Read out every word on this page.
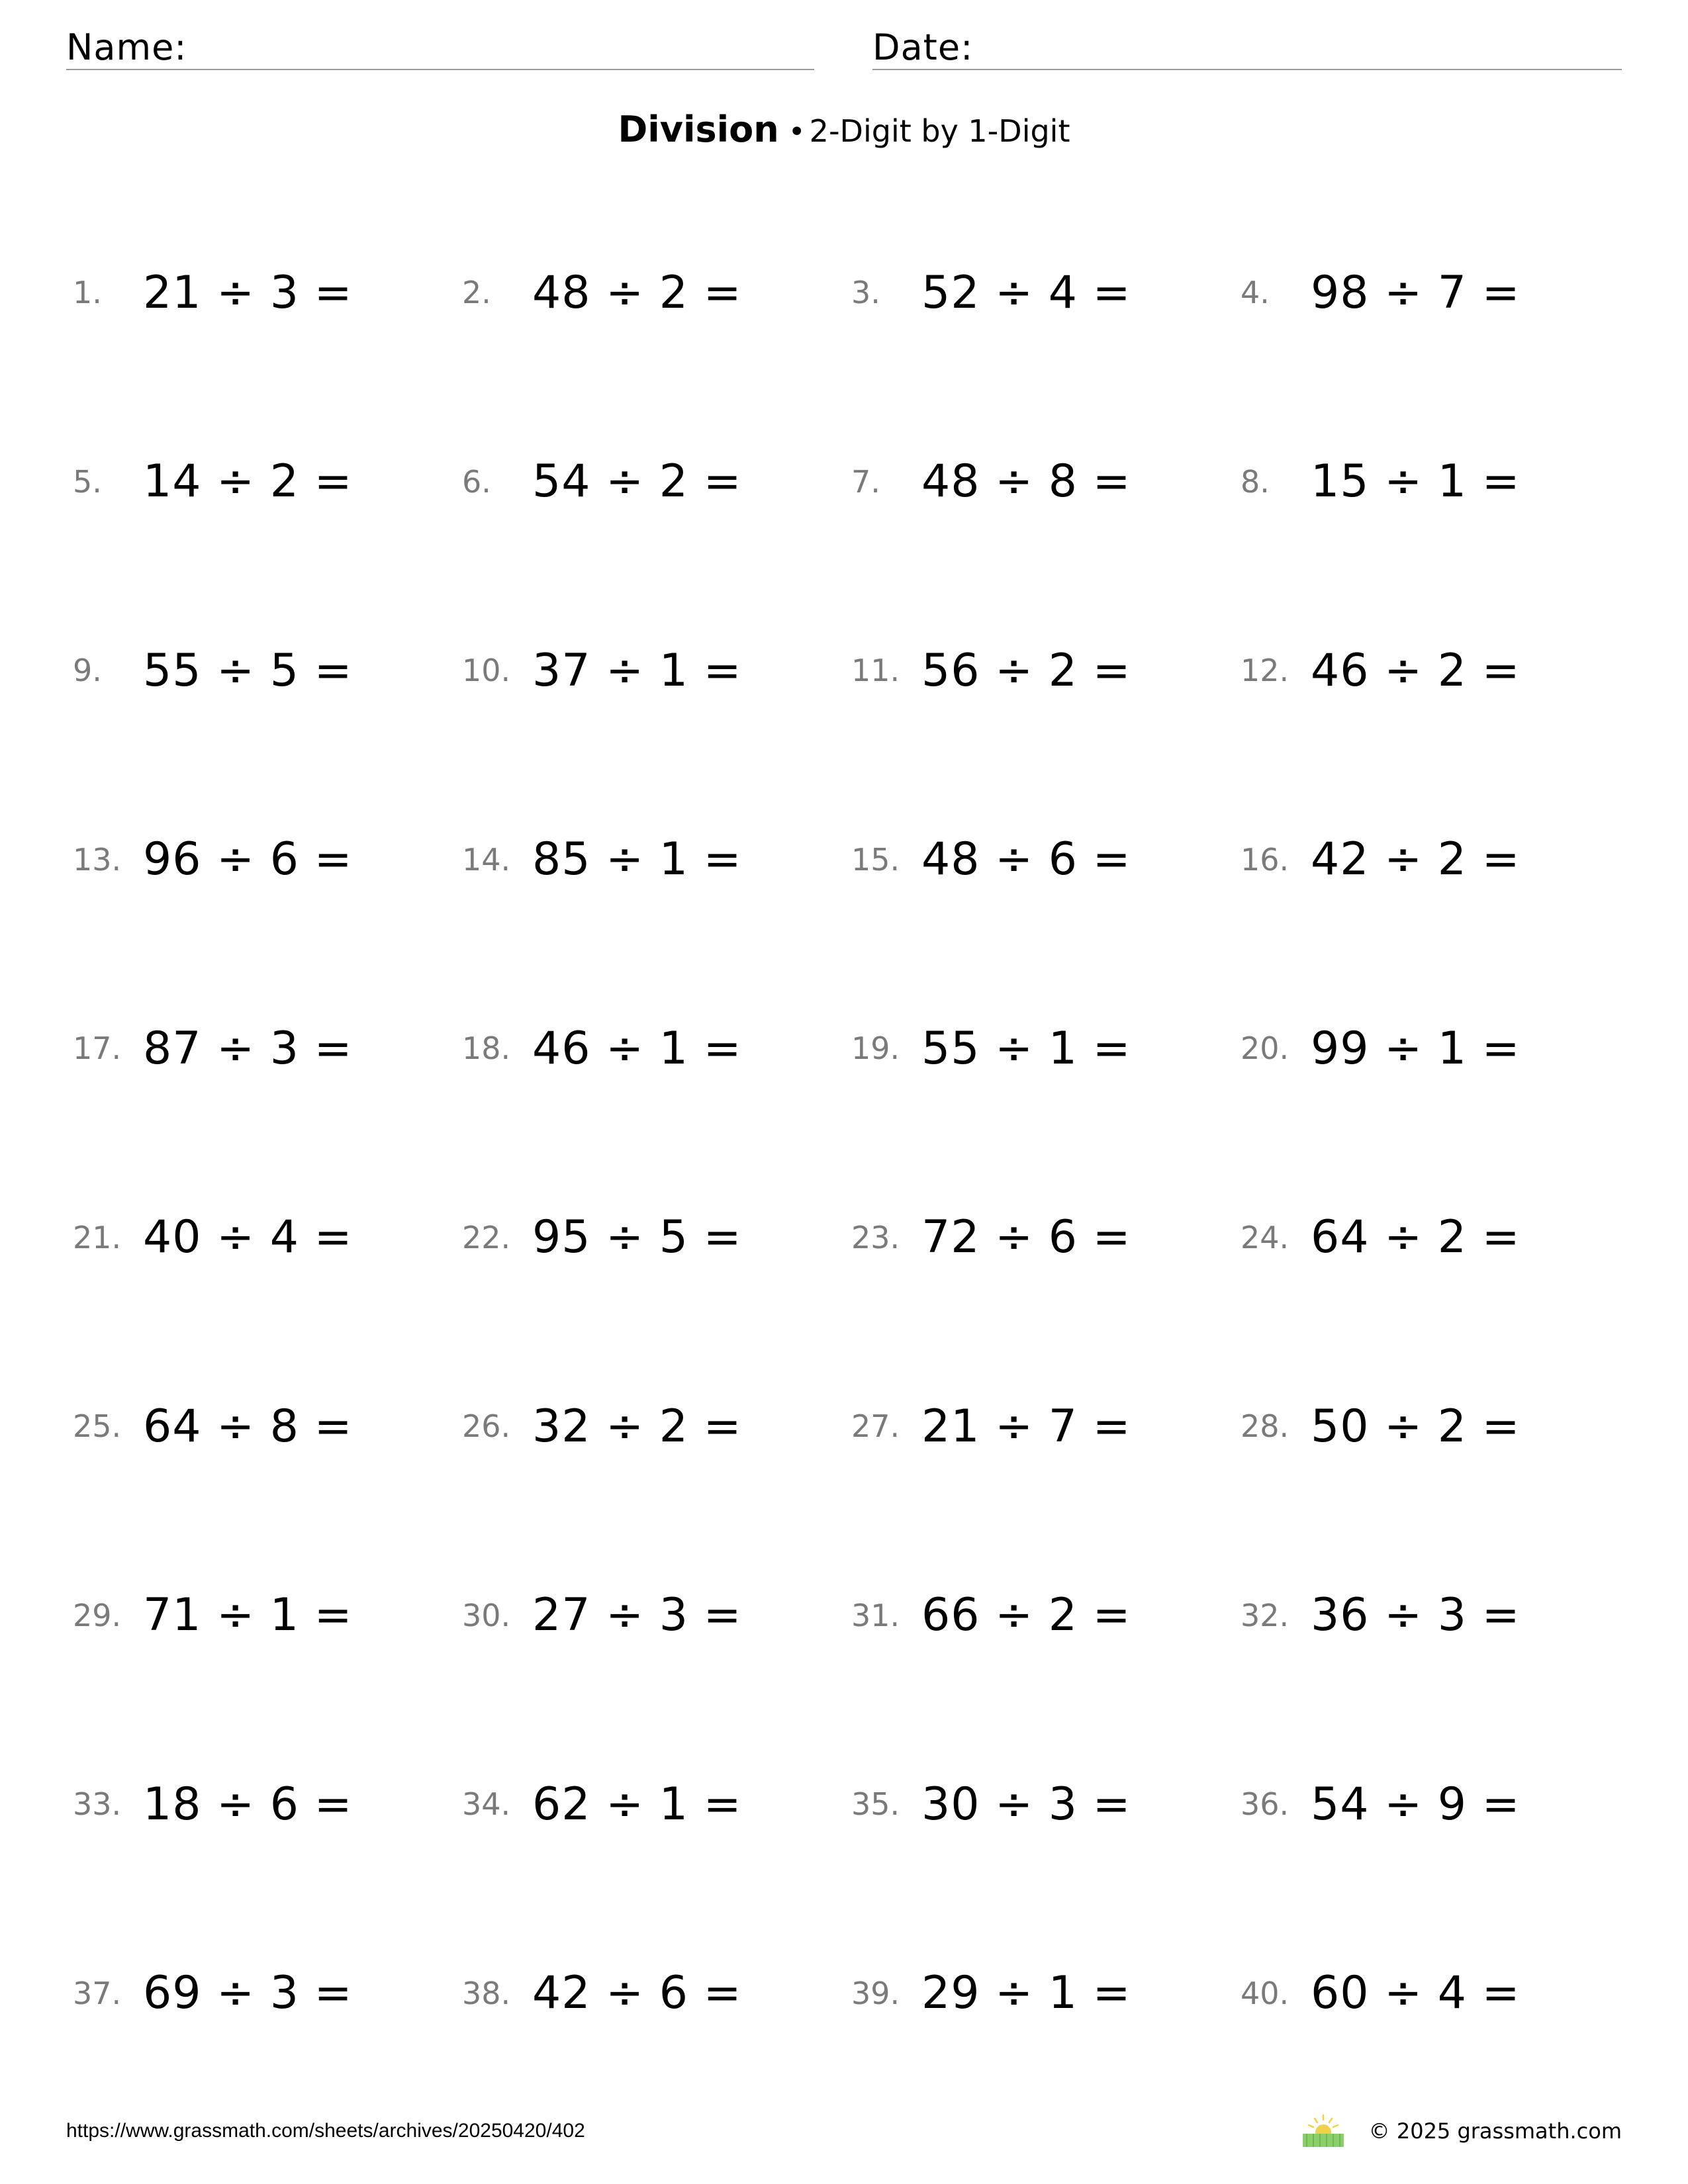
Name:	Date:
Division • 2-Digit by 1-Digit
1. 21 ÷ 3 =	2. 48 ÷ 2 =	3. 52 ÷ 4 =	4. 98 ÷ 7 =
5. 14 ÷ 2 =	6. 54 ÷ 2 =	7. 48 ÷ 8 =	8. 15 ÷ 1 =
9. 55 ÷ 5 =	10. 37 ÷ 1 =	11. 56 ÷ 2 =	12. 46 ÷ 2 =
13. 96 ÷ 6 =	14. 85 ÷ 1 =	15. 48 ÷ 6 =	16. 42 ÷ 2 =
17. 87 ÷ 3 =	18. 46 ÷ 1 =	19. 55 ÷ 1 =	20. 99 ÷ 1 =
21. 40 ÷ 4 =	22. 95 ÷ 5 =	23. 72 ÷ 6 =	24. 64 ÷ 2 =
25. 64 ÷ 8 =	26. 32 ÷ 2 =	27. 21 ÷ 7 =	28. 50 ÷ 2 =
29. 71 ÷ 1 =	30. 27 ÷ 3 =	31. 66 ÷ 2 =	32. 36 ÷ 3 =
33. 18 ÷ 6 =	34. 62 ÷ 1 =	35. 30 ÷ 3 =	36. 54 ÷ 9 =
37. 69 ÷ 3 =	38. 42 ÷ 6 =	39. 29 ÷ 1 =	40. 60 ÷ 4 =
https://www.grassmath.com/sheets/archives/20250420/402	© 2025 grassmath.com
